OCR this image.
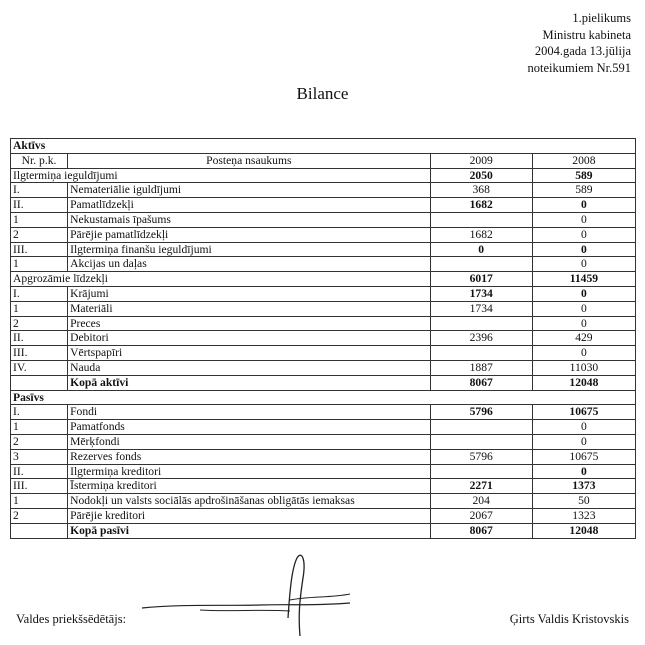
1.pielikums
Ministru kabineta
2004.gada 13.jūlija
noteikumiem Nr.591
Bilance
Aktīvs			
Nr. p.k.	Posteņa nsaukums	2009	2008
Ilgtermiņa ieguldījumi		2050	589
I.	Nemateriālie iguldījumi	368	589
II.	Pamatlīdzekļi	1682	0
1	Nekustamais īpašums		0
2	Pārējie pamatlīdzekļi	1682	0
III.	Ilgtermiņa finanšu ieguldījumi	0	0
1	Akcijas un daļas		0
Apgrozāmie līdzekļi		6017	11459
I.	Krājumi	1734	0
1	Materiāli	1734	0
2	Preces		0
II.	Debitori	2396	429
III.	Vērtspapīri		0
IV.	Nauda	1887	11030
	Kopā aktīvi	8067	12048
Pasīvs			
I.	Fondi	5796	10675
1	Pamatfonds		0
2	Mērķfondi		0
3	Rezerves fonds	5796	10675
II.	Ilgtermiņa kreditori		0
III.	Īstermiņa kreditori	2271	1373
1	Nodokļi un valsts sociālās apdrošināšanas obligātās iemaksas	204	50
2	Pārējie kreditori	2067	1323
	Kopā pasīvi	8067	12048
Valdes priekšsēdētājs:	Ģirts Valdis Kristovskis
